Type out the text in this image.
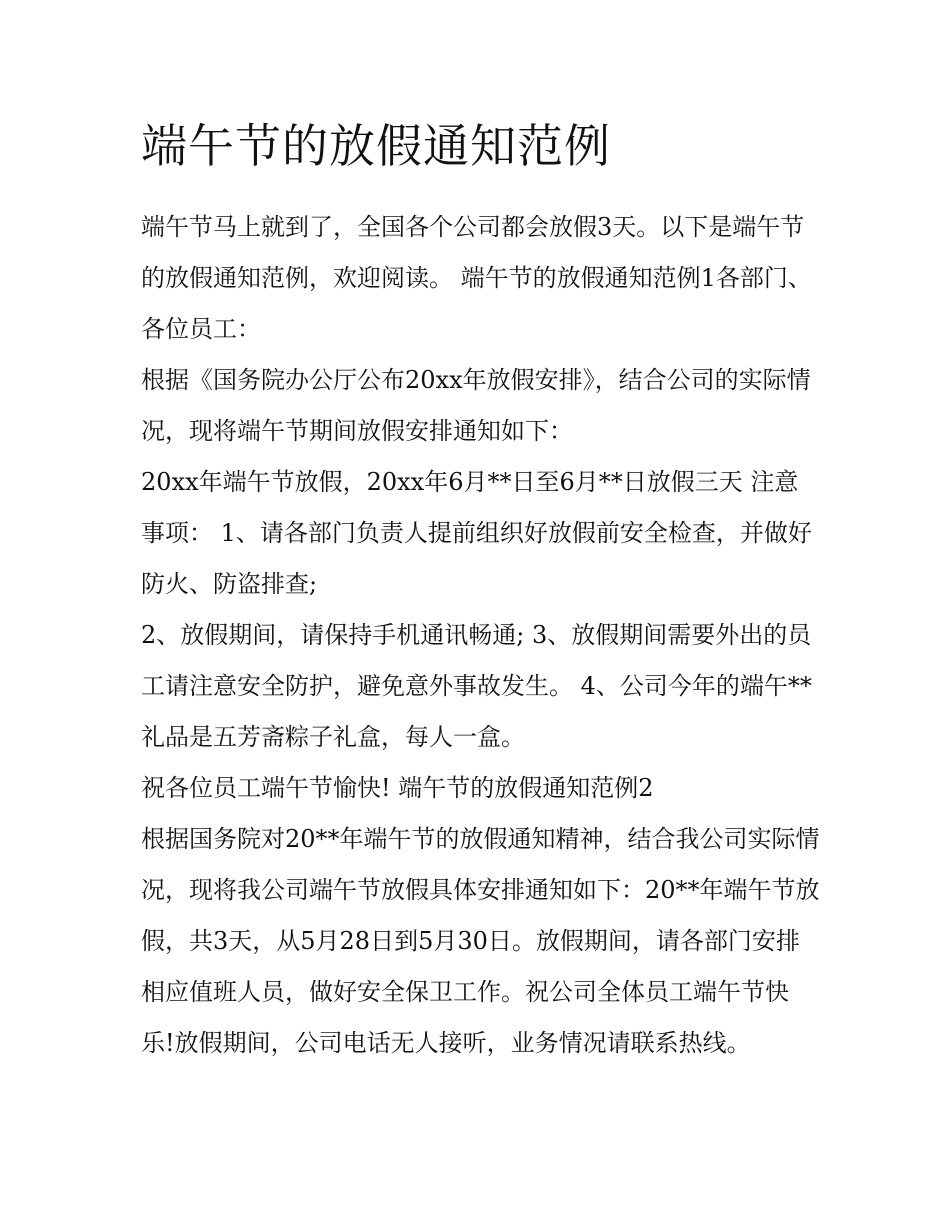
端午节的放假通知范例

端午节马上就到了，全国各个公司都会放假3天。以下是端午节的放假通知范例，欢迎阅读。 端午节的放假通知范例1各部门、各位员工：

根据《国务院办公厅公布20xx年放假安排》，结合公司的实际情况，现将端午节期间放假安排通知如下：

20xx年端午节放假，20xx年6月**日至6月**日放假三天 注意事项： 1、请各部门负责人提前组织好放假前安全检查，并做好防火、防盗排查;

2、放假期间，请保持手机通讯畅通; 3、放假期间需要外出的员工请注意安全防护，避免意外事故发生。 4、公司今年的端午**礼品是五芳斋粽子礼盒，每人一盒。

祝各位员工端午节愉快! 端午节的放假通知范例2

根据国务院对20**年端午节的放假通知精神，结合我公司实际情况，现将我公司端午节放假具体安排通知如下：20**年端午节放假，共3天，从5月28日到5月30日。放假期间，请各部门安排相应值班人员，做好安全保卫工作。祝公司全体员工端午节快乐!放假期间，公司电话无人接听，业务情况请联系热线。
